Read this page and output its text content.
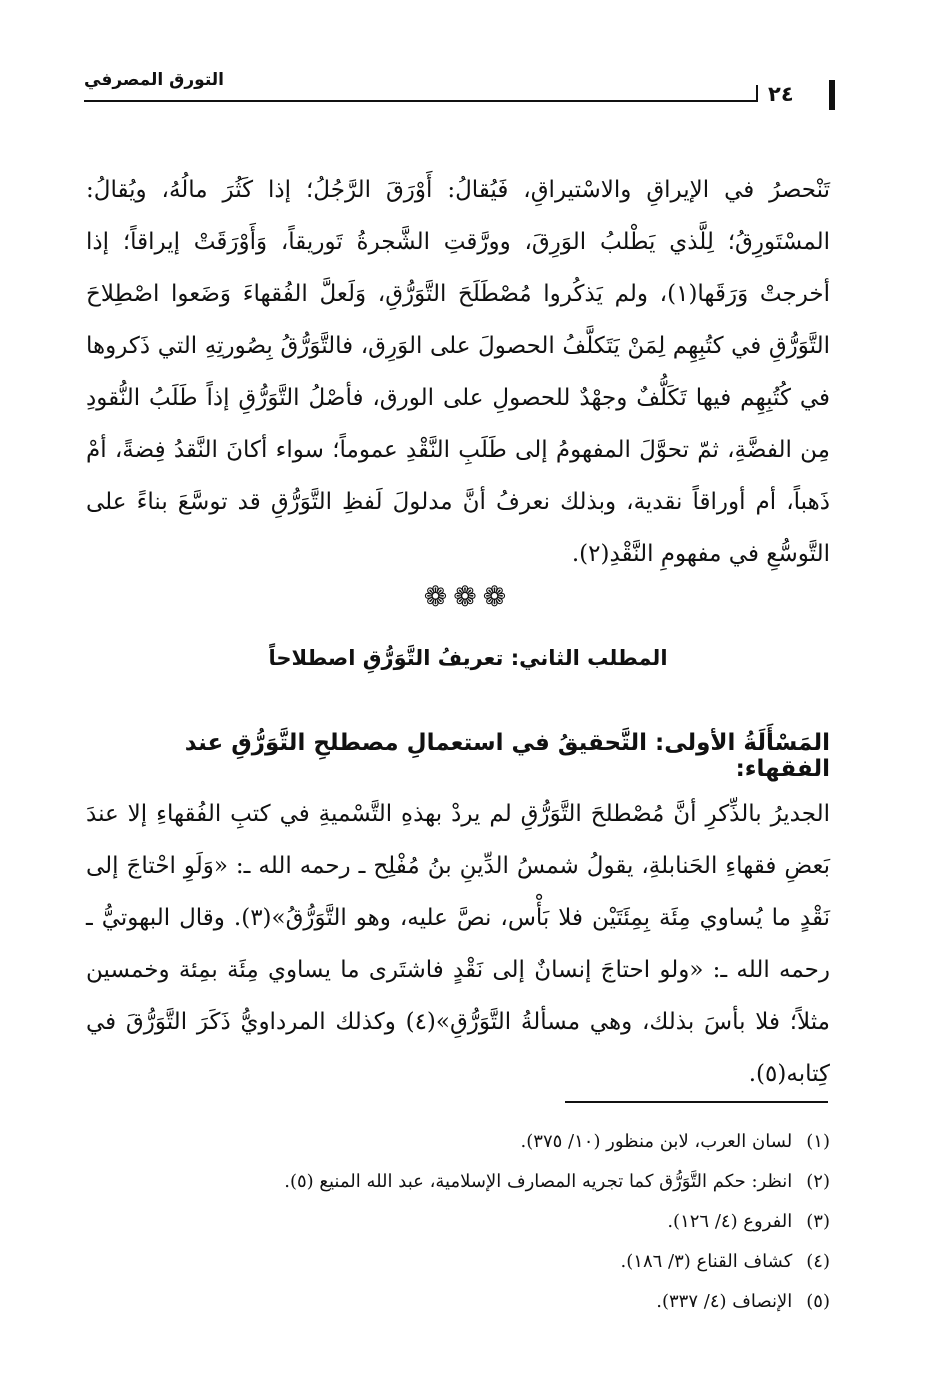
التورق المصرفي
٢٤
تَنْحصرُ في الإيراقِ والاسْتيراقِ، فَيُقالُ: أَوْرَقَ الرَّجُلُ؛ إذا كَثُرَ مالُهُ، ويُقالُ: المسْتَورِقُ؛ لِلَّذي يَطْلبُ الوَرِقَ، وورَّقتِ الشَّجرةُ تَوريقاً، وَأَوْرَقَتْ إيراقاً؛ إذا أخرجتْ وَرَقَها(١)، ولم يَذكُروا مُصْطَلَحَ التَّوَرُّقِ، وَلَعلَّ الفُقهاءَ وَضَعوا اصْطِلاحَ التَّوَرُّقِ في كتُبِهِم لِمَنْ يَتَكلَّفُ الحصولَ على الوَرِق، فالتَّوَرُّقُ بِصُورتِهِ التي ذَكروها في كُتُبِهِم فيها تَكَلُّفٌ وجهْدٌ للحصولِ على الورق، فأصْلُ التَّوَرُّقِ إذاً طَلَبُ النُّقودِ مِن الفضَّةِ، ثمّ تحوَّلَ المفهومُ إلى طَلَبِ النَّقْدِ عموماً؛ سواء أكانَ النَّقدُ فِضةً، أمْ ذَهباً، أم أوراقاً نقدية، وبذلك نعرفُ أنَّ مدلولَ لَفظِ التَّوَرُّقِ قد توسَّعَ بناءً على التَّوسُّعِ في مفهومِ النَّقْدِ(٢).
❁❁❁
المطلب الثاني: تعريفُ التَّوَرُّقِ اصطلاحاً
المَسْأَلَةُ الأولى: التَّحقيقُ في استعمالِ مصطلحِ التَّوَرُّقِ عند الفقهاء:
الجديرُ بالذِّكرِ أنَّ مُصْطلحَ التَّوَرُّقِ لم يردْ بهذهِ التَّسْميةِ في كتبِ الفُقهاءِ إلا عندَ بَعضِ فقهاءِ الحَنابلةِ، يقولُ شمسُ الدِّينِ بنُ مُفْلِح ـ رحمه الله ـ: «وَلَوِ احْتاجَ إلى نَقْدٍ ما يُساوي مِئَة بِمِئَتَيْن فلا بَأْس، نصَّ عليه، وهو التَّوَرُّقُ»(٣). وقال البهوتيُّ ـ رحمه الله ـ: «ولو احتاجَ إنسانٌ إلى نَقْدٍ فاشتَرى ما يساوي مِئَة بمِئة وخمسين مثلاً؛ فلا بأسَ بذلك، وهي مسألةُ التَّوَرُّقِ»(٤) وكذلك المرداويُّ ذَكَرَ التَّوَرُّقَ في كِتابه(٥).
(١)لسان العرب، لابن منظور (١٠/ ٣٧٥).
(٢)انظر: حكم التَّوَرُّق كما تجريه المصارف الإسلامية، عبد الله المنيع (٥).
(٣)الفروع (٤/ ١٢٦).
(٤)كشاف القناع (٣/ ١٨٦).
(٥)الإنصاف (٤/ ٣٣٧).
